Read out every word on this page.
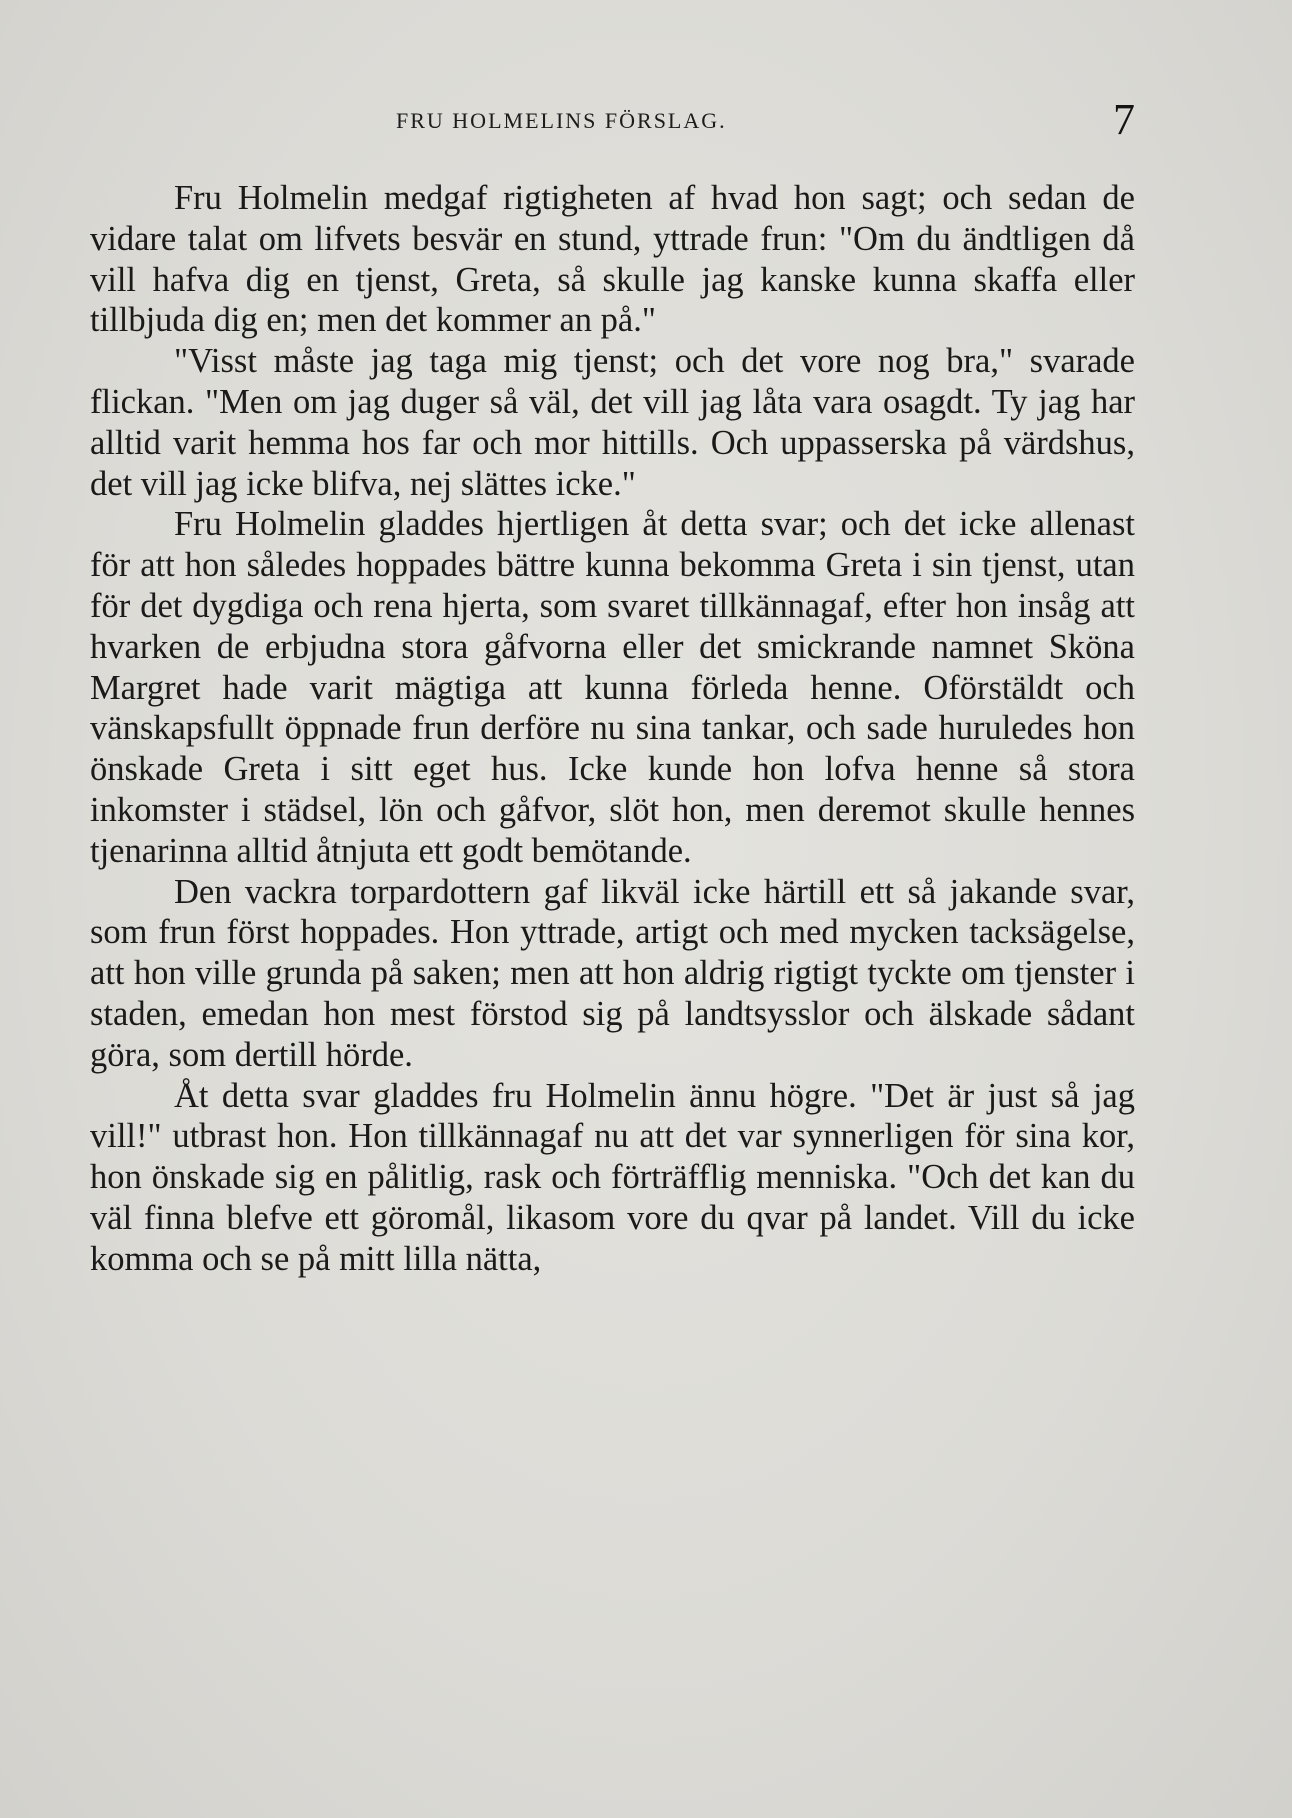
FRU HOLMELINS FÖRSLAG.	7

Fru Holmelin medgaf rigtigheten af hvad hon sagt; och sedan de vidare talat om lifvets besvär en stund, yttrade frun: "Om du ändtligen då vill hafva dig en tjenst, Greta, så skulle jag kanske kunna skaffa eller tillbjuda dig en; men det kommer an på."

"Visst måste jag taga mig tjenst; och det vore nog bra," svarade flickan. "Men om jag duger så väl, det vill jag låta vara osagdt. Ty jag har alltid varit hemma hos far och mor hittills. Och uppasserska på värdshus, det vill jag icke blifva, nej slättes icke."

Fru Holmelin gladdes hjertligen åt detta svar; och det icke allenast för att hon således hoppades bättre kunna bekomma Greta i sin tjenst, utan för det dygdiga och rena hjerta, som svaret tillkännagaf, efter hon insåg att hvarken de erbjudna stora gåfvorna eller det smickrande namnet Sköna Margret hade varit mägtiga att kunna förleda henne. Oförstäldt och vänskapsfullt öppnade frun derföre nu sina tankar, och sade huruledes hon önskade Greta i sitt eget hus. Icke kunde hon lofva henne så stora inkomster i städsel, lön och gåfvor, slöt hon, men deremot skulle hennes tjenarinna alltid åtnjuta ett godt bemötande.

Den vackra torpardottern gaf likväl icke härtill ett så jakande svar, som frun först hoppades. Hon yttrade, artigt och med mycken tacksägelse, att hon ville grunda på saken; men att hon aldrig rigtigt tyckte om tjenster i staden, emedan hon mest förstod sig på landtsysslor och älskade sådant göra, som dertill hörde.

Åt detta svar gladdes fru Holmelin ännu högre. "Det är just så jag vill!" utbrast hon. Hon tillkännagaf nu att det var synnerligen för sina kor, hon önskade sig en pålitlig, rask och förträfflig menniska. "Och det kan du väl finna blefve ett göromål, likasom vore du qvar på landet. Vill du icke komma och se på mitt lilla nätta,
